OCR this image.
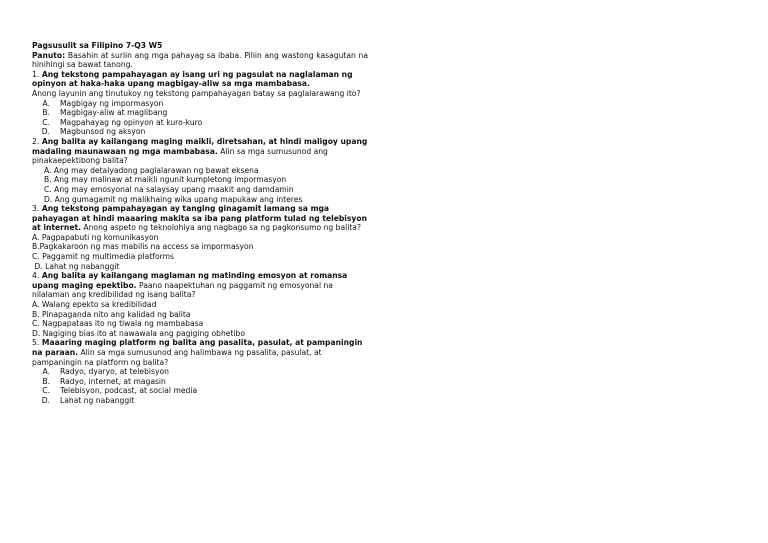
Pagsusulit sa Filipino 7-Q3 W5
Panuto: Basahin at suriin ang mga pahayag sa ibaba. Piliin ang wastong kasagutan na hinihingi sa bawat tanong.
1. Ang tekstong pampahayagan ay isang uri ng pagsulat na naglalaman ng opinyon at haka-haka upang magbigay-aliw sa mga mambabasa.
Anong layunin ang tinutukoy ng tekstong pampahayagan batay sa paglalarawang ito?
A.	Magbigay ng impormasyon
B.	Magbigay-aliw at maglibang
C.	Magpahayag ng opinyon at kuro-kuro
D.	Magbunsod ng aksyon
2. Ang balita ay kailangang maging maikli, diretsahan, at hindi maligoy upang madaling maunawaan ng mga mambabasa. Alin sa mga sumusunod ang pinakaepektibong balita?
A. Ang may detalyadong paglalarawan ng bawat eksena
B. Ang may malinaw at maikli ngunit kumpletong impormasyon
C. Ang may emosyonal na salaysay upang maakit ang damdamin
D. Ang gumagamit ng malikhaing wika upang mapukaw ang interes
3. Ang tekstong pampahayagan ay tanging ginagamit lamang sa mga pahayagan at hindi maaaring makita sa iba pang platform tulad ng telebisyon at internet. Anong aspeto ng teknolohiya ang nagbago sa ng pagkonsumo ng balita?
A. Pagpapabuti ng komunikasyon
B.Pagkakaroon ng mas mabilis na access sa impormasyon
C. Paggamit ng multimedia platforms
D. Lahat ng nabanggit
4. Ang balita ay kailangang maglaman ng matinding emosyon at romansa upang maging epektibo. Paano naapektuhan ng paggamit ng emosyonal na nilalaman ang kredibilidad ng isang balita?
A. Walang epekto sa kredibilidad
B. Pinapaganda nito ang kalidad ng balita
C. Nagpapataas ito ng tiwala ng mambabasa
D. Nagiging bias ito at nawawala ang pagiging obhetibo
5. Maaaring maging platform ng balita ang pasalita, pasulat, at pampaningin na paraan. Alin sa mga sumusunod ang halimbawa ng pasalita, pasulat, at pampaningin na platform ng balita?
A.	Radyo, dyaryo, at telebisyon
B.	Radyo, internet, at magasin
C.	Telebisyon, podcast, at social media
D.	Lahat ng nabanggit
